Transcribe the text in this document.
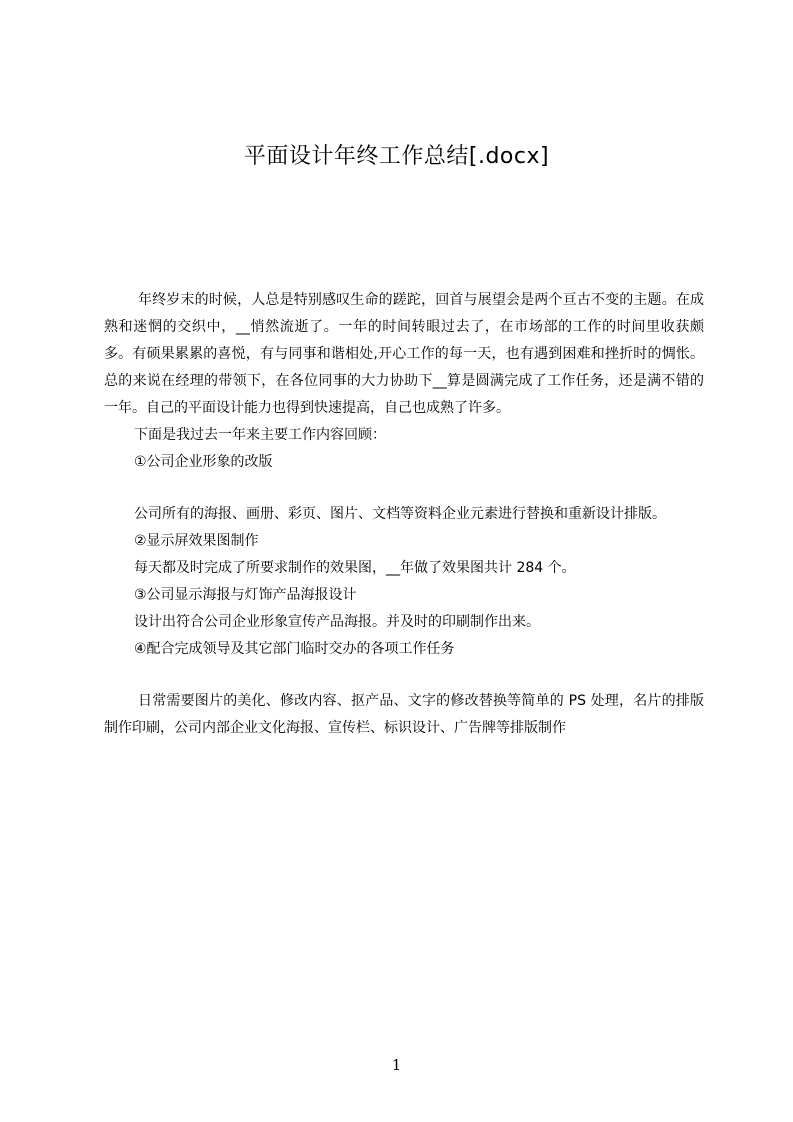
平面设计年终工作总结[.docx]

年终岁末的时候，人总是特别感叹生命的蹉跎，回首与展望会是两个亘古不变的主题。在成熟和迷惘的交织中，__悄然流逝了。一年的时间转眼过去了，在市场部的工作的时间里收获颇多。有硕果累累的喜悦，有与同事和谐相处,开心工作的每一天，也有遇到困难和挫折时的惆怅。总的来说在经理的带领下，在各位同事的大力协助下__算是圆满完成了工作任务，还是满不错的一年。自己的平面设计能力也得到快速提高，自己也成熟了许多。

下面是我过去一年来主要工作内容回顾：

①公司企业形象的改版

公司所有的海报、画册、彩页、图片、文档等资料企业元素进行替换和重新设计排版。

②显示屏效果图制作

每天都及时完成了所要求制作的效果图，__年做了效果图共计 284 个。

③公司显示海报与灯饰产品海报设计

设计出符合公司企业形象宣传产品海报。并及时的印刷制作出来。

④配合完成领导及其它部门临时交办的各项工作任务

日常需要图片的美化、修改内容、抠产品、文字的修改替换等简单的 PS 处理，名片的排版制作印刷，公司内部企业文化海报、宣传栏、标识设计、广告牌等排版制作

1
